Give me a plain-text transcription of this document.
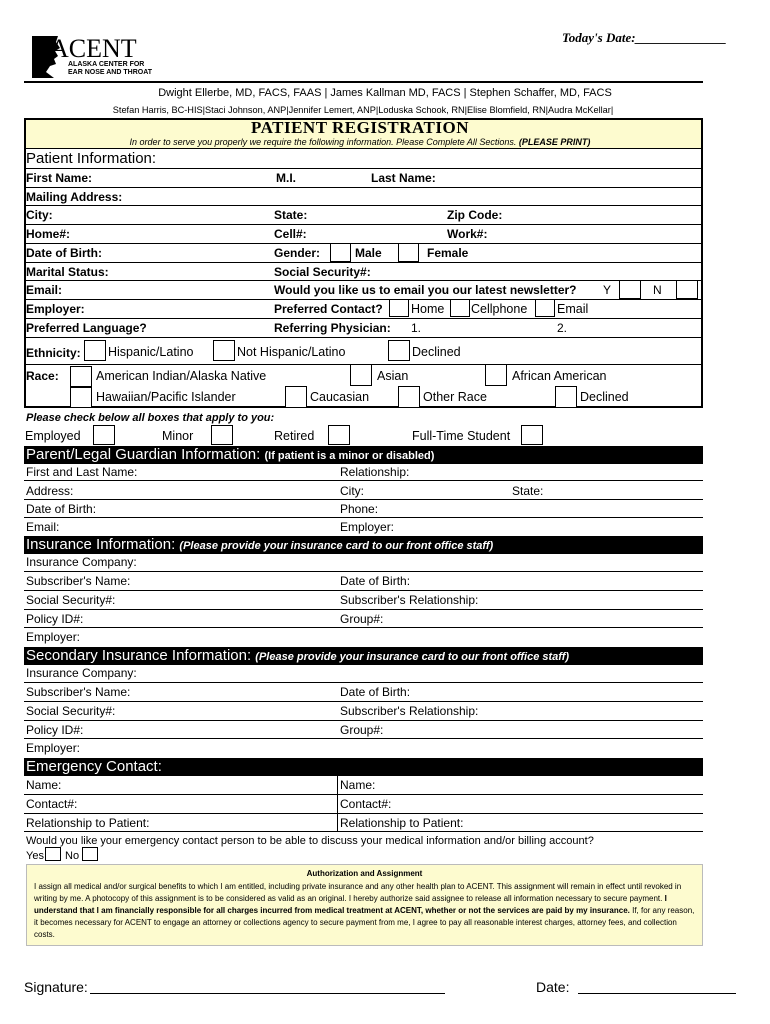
Today's Date:______________
ACENT
ALASKA CENTER FOR
EAR NOSE AND THROAT
Dwight Ellerbe, MD, FACS, FAAS | James Kallman MD, FACS | Stephen Schaffer, MD, FACS
Stefan Harris, BC-HIS|Staci Johnson, ANP|Jennifer Lemert, ANP|Loduska Schook, RN|Elise Blomfield, RN|Audra McKellar|
PATIENT REGISTRATION
In order to serve you properly we require the following information. Please Complete All Sections. (PLEASE PRINT)
Patient Information:
First Name:	M.I.	Last Name:
Mailing Address:
City:	State:	Zip Code:
Home#:	Cell#:	Work#:
Date of Birth:	Gender:	Male	Female
Marital Status:	Social Security#:
Email:	Would you like us to email you our latest newsletter? Y	N
Employer:	Preferred Contact? Home Cellphone Email
Preferred Language?	Referring Physician: 1.	2.
Ethnicity: Hispanic/Latino	Not Hispanic/Latino	Declined
Race:	American Indian/Alaska Native	Asian	African American
Hawaiian/Pacific Islander	Caucasian	Other Race	Declined
Please check below all boxes that apply to you:
Employed	Minor	Retired	Full-Time Student
Parent/Legal Guardian Information: (If patient is a minor or disabled)
First and Last Name:	Relationship:
Address:	City:	State:
Date of Birth:	Phone:
Email:	Employer:
Insurance Information: (Please provide your insurance card to our front office staff)
Insurance Company:
Subscriber's Name:	Date of Birth:
Social Security#:	Subscriber's Relationship:
Policy ID#:	Group#:
Employer:
Secondary Insurance Information: (Please provide your insurance card to our front office staff)
Insurance Company:
Subscriber's Name:	Date of Birth:
Social Security#:	Subscriber's Relationship:
Policy ID#:	Group#:
Employer:
Emergency Contact:
Name:	Name:
Contact#:	Contact#:
Relationship to Patient:	Relationship to Patient:
Would you like your emergency contact person to be able to discuss your medical information and/or billing account?
Yes No
Authorization and Assignment
I assign all medical and/or surgical benefits to which I am entitled, including private insurance and any other health plan to ACENT. This assignment will remain in effect until revoked in writing by me. A photocopy of this assignment is to be considered as valid as an original. I hereby authorize said assignee to release all information necessary to secure payment. I understand that I am financially responsible for all charges incurred from medical treatment at ACENT, whether or not the services are paid by my insurance. If, for any reason, it becomes necessary for ACENT to engage an attorney or collections agency to secure payment from me, I agree to pay all reasonable interest charges, attorney fees, and collection costs.
Signature:	Date:
